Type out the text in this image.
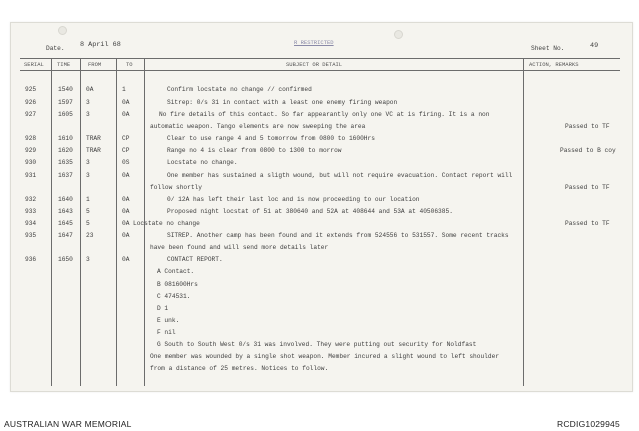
Date. 8 April 68	R RESTRICTED
Sheet No.	49
SERIAL TIME	FROM	TO	SUBJECT OR DETAIL	ACTION, REMARKS
925	1540 0A	1	Confirm locstate no change // confirmed
926	1597 3	0A	Sitrep: 0/s 31 in contact with a least one enemy firing weapon
927	1605 3	0A	No fire details of this contact. So far appearantly only one VC at is firing. It is a non
automatic weapon. Tango elements are now sweeping the area	Passed to TF
928	1610 TRAR	CP	Clear to use range 4 and 5 tomorrow from 0800 to 1600Hrs
929	1620 TRAR	CP	Range no 4 is clear from 0800 to 1300 to morrow	Passed to B coy
930	1635 3	0S	Locstate no change.
931	1637 3	0A	One member has sustained a sligth wound, but will not require evacuation. Contact report will
follow shortly	Passed to TF
932	1640 1	0A	0/ 12A has left their last loc and is now proceeding to our location
933	1643 5	0A	Proposed night locstat of 51 at 380640 and 52A at 408644 and 53A at 40506385.
934	1645 5	0A Locstate no change	Passed to TF
935	1647 23	0A	SITREP. Another camp has been found and it extends from 524556 to 531557. Some recent tracks
have been found and will send more details later
936	1650 3	0A	CONTACT REPORT.
A Contact.
B 081600Hrs
C 474531.
D 1
E unk.
F nil
G South to South West 0/s 31 was involved. They were putting out security for Noldfast
One member was wounded by a single shot weapon. Member incured a slight wound to left shoulder
from a distance of 25 metres. Notices to follow.
AUSTRALIAN WAR MEMORIAL	RCDIG1029945
